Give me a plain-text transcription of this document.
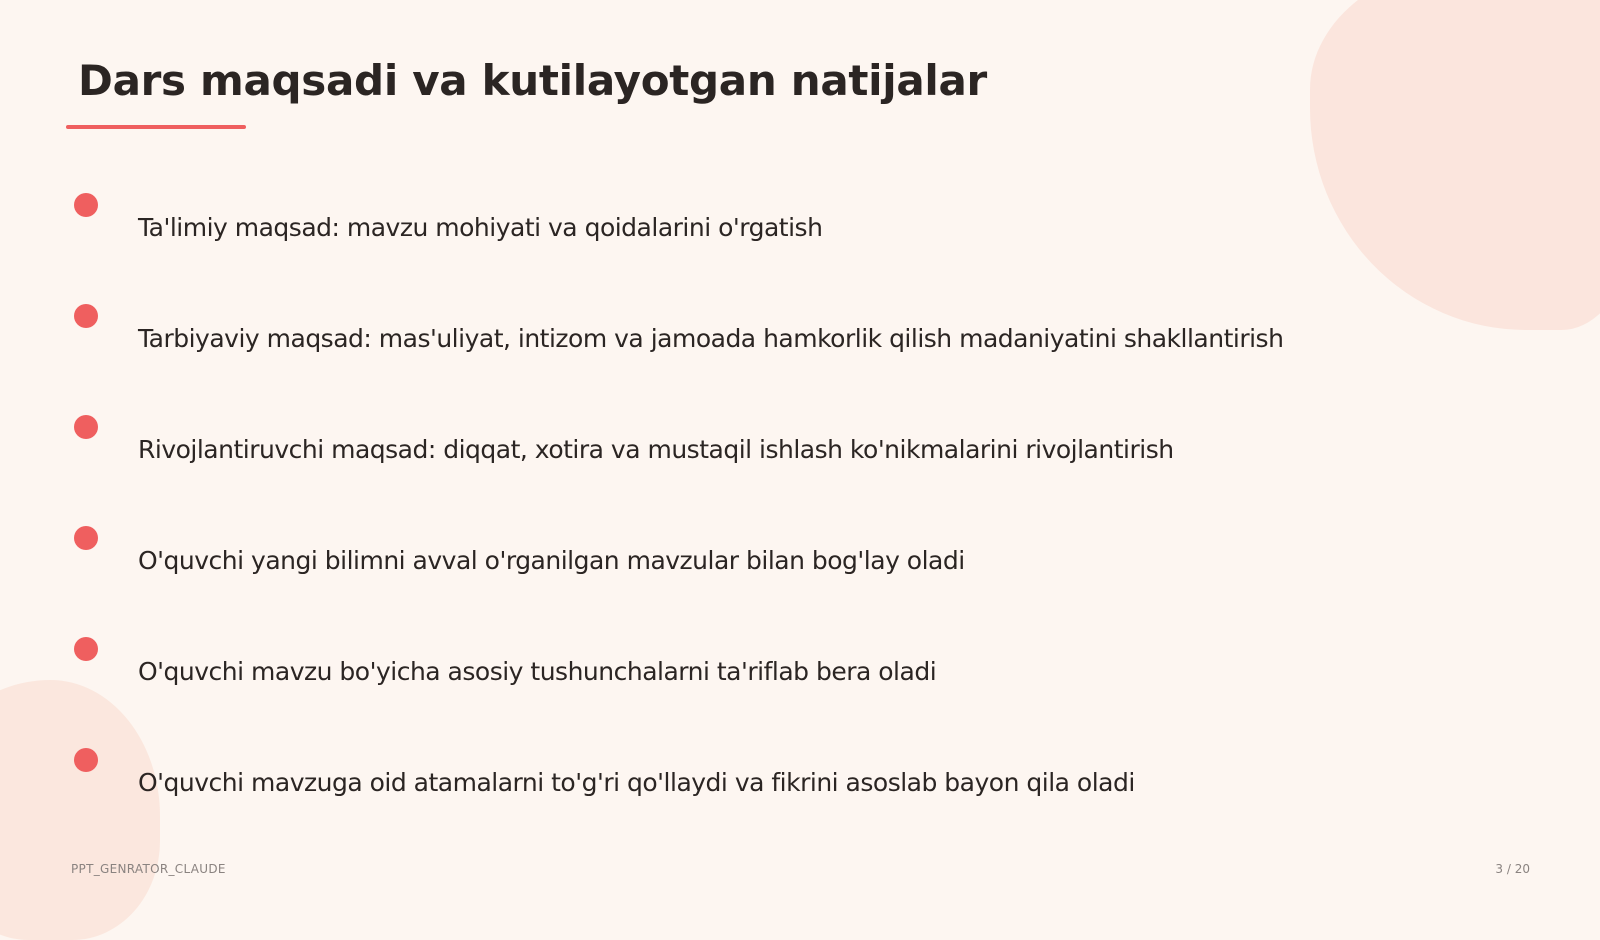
Dars maqsadi va kutilayotgan natijalar
Ta'limiy maqsad: mavzu mohiyati va qoidalarini o'rgatish
Tarbiyaviy maqsad: mas'uliyat, intizom va jamoada hamkorlik qilish madaniyatini shakllantirish
Rivojlantiruvchi maqsad: diqqat, xotira va mustaqil ishlash ko'nikmalarini rivojlantirish
O'quvchi yangi bilimni avval o'rganilgan mavzular bilan bog'lay oladi
O'quvchi mavzu bo'yicha asosiy tushunchalarni ta'riflab bera oladi
O'quvchi mavzuga oid atamalarni to'g'ri qo'llaydi va fikrini asoslab bayon qila oladi
PPT_GENRATOR_CLAUDE	3 / 20
